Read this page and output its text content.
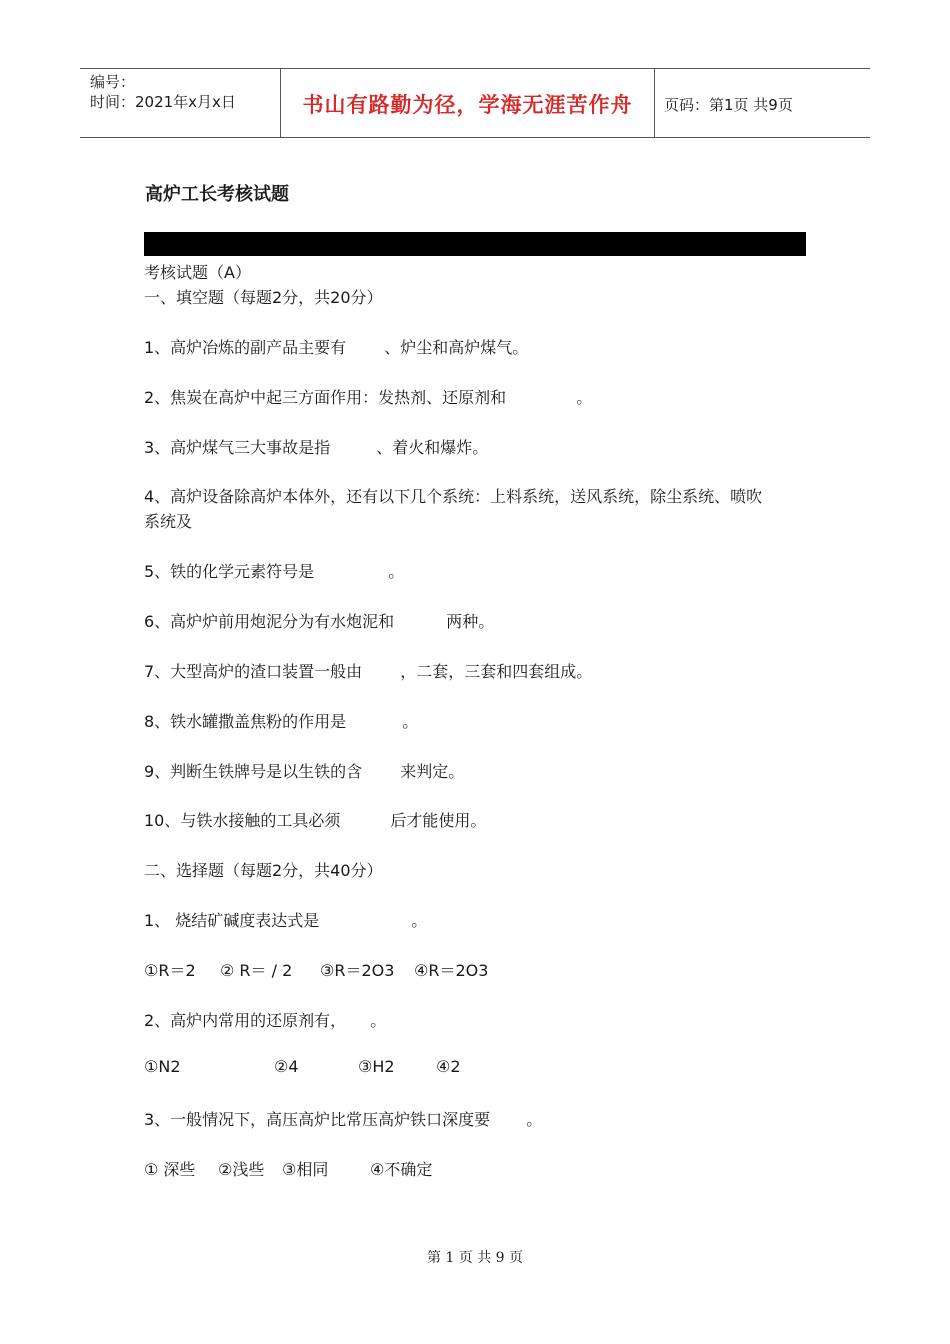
编号：
时间：2021年x月x日	书山有路勤为径，学海无涯苦作舟	页码：第1页 共9页
高炉工长考核试题
考核试题（A）
一、填空题（每题2分，共20分）
1、高炉冶炼的副产品主要有 、炉尘和高炉煤气。
2、焦炭在高炉中起三方面作用：发热剂、还原剂和	。
3、高炉煤气三大事故是指	、着火和爆炸。
4、高炉设备除高炉本体外，还有以下几个系统：上料系统，送风系统，除尘系统、喷吹
系统及
5、铁的化学元素符号是	。
6、高炉炉前用炮泥分为有水炮泥和	两种。
7、大型高炉的渣口装置一般由 ，二套，三套和四套组成。
8、铁水罐撒盖焦粉的作用是	。
9、判断生铁牌号是以生铁的含 来判定。
10、与铁水接触的工具必须	后才能使用。
二、选择题（每题2分，共40分）
1、 烧结矿碱度表达式是	。
①R＝2 ② R＝ / 2 ③R＝2O3 ④R＝2O3
2、高炉内常用的还原剂有， 。
①N2	②4	③H2	④2
3、一般情况下，高压高炉比常压高炉铁口深度要 。
① 深些 ②浅些 ③相同	④不确定
第 1 页 共 9 页
